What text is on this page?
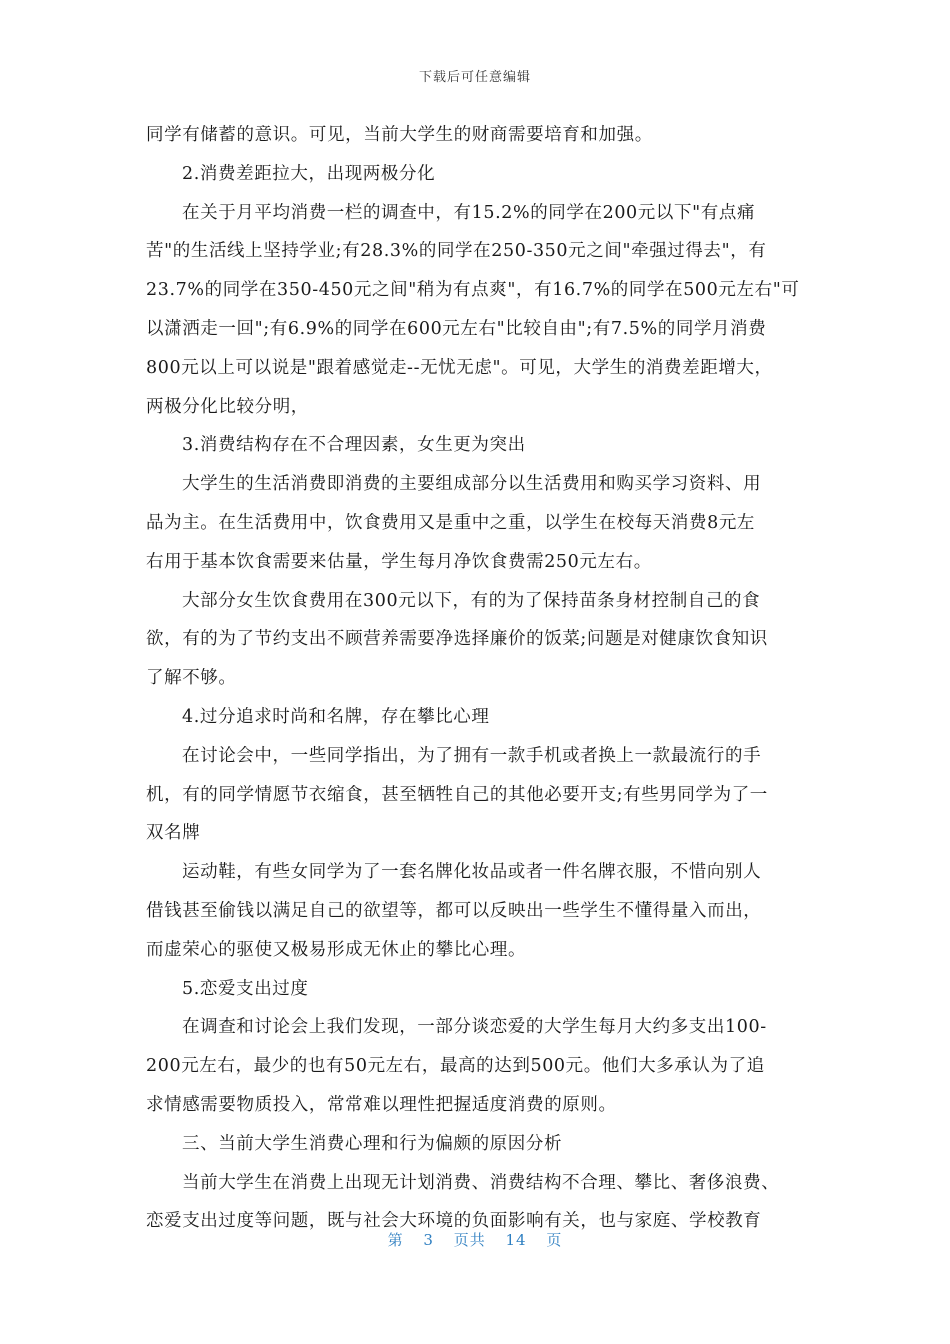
下载后可任意编辑
同学有储蓄的意识。可见，当前大学生的财商需要培育和加强。
2.消费差距拉大，出现两极分化
在关于月平均消费一栏的调查中，有15.2%的同学在200元以下"有点痛
苦"的生活线上坚持学业;有28.3%的同学在250-350元之间"牵强过得去"，有
23.7%的同学在350-450元之间"稍为有点爽"，有16.7%的同学在500元左右"可
以潇洒走一回";有6.9%的同学在600元左右"比较自由";有7.5%的同学月消费
800元以上可以说是"跟着感觉走--无忧无虑"。可见，大学生的消费差距增大，
两极分化比较分明，
3.消费结构存在不合理因素，女生更为突出
大学生的生活消费即消费的主要组成部分以生活费用和购买学习资料、用
品为主。在生活费用中，饮食费用又是重中之重，以学生在校每天消费8元左
右用于基本饮食需要来估量，学生每月净饮食费需250元左右。
大部分女生饮食费用在300元以下，有的为了保持苗条身材控制自己的食
欲，有的为了节约支出不顾营养需要净选择廉价的饭菜;问题是对健康饮食知识
了解不够。
4.过分追求时尚和名牌，存在攀比心理
在讨论会中，一些同学指出，为了拥有一款手机或者换上一款最流行的手
机，有的同学情愿节衣缩食，甚至牺牲自己的其他必要开支;有些男同学为了一
双名牌
运动鞋，有些女同学为了一套名牌化妆品或者一件名牌衣服，不惜向别人
借钱甚至偷钱以满足自己的欲望等，都可以反映出一些学生不懂得量入而出，
而虚荣心的驱使又极易形成无休止的攀比心理。
5.恋爱支出过度
在调查和讨论会上我们发现，一部分谈恋爱的大学生每月大约多支出100-
200元左右，最少的也有50元左右，最高的达到500元。他们大多承认为了追
求情感需要物质投入，常常难以理性把握适度消费的原则。
三、当前大学生消费心理和行为偏颇的原因分析
当前大学生在消费上出现无计划消费、消费结构不合理、攀比、奢侈浪费、
恋爱支出过度等问题，既与社会大环境的负面影响有关，也与家庭、学校教育
第 3 页共 14 页
